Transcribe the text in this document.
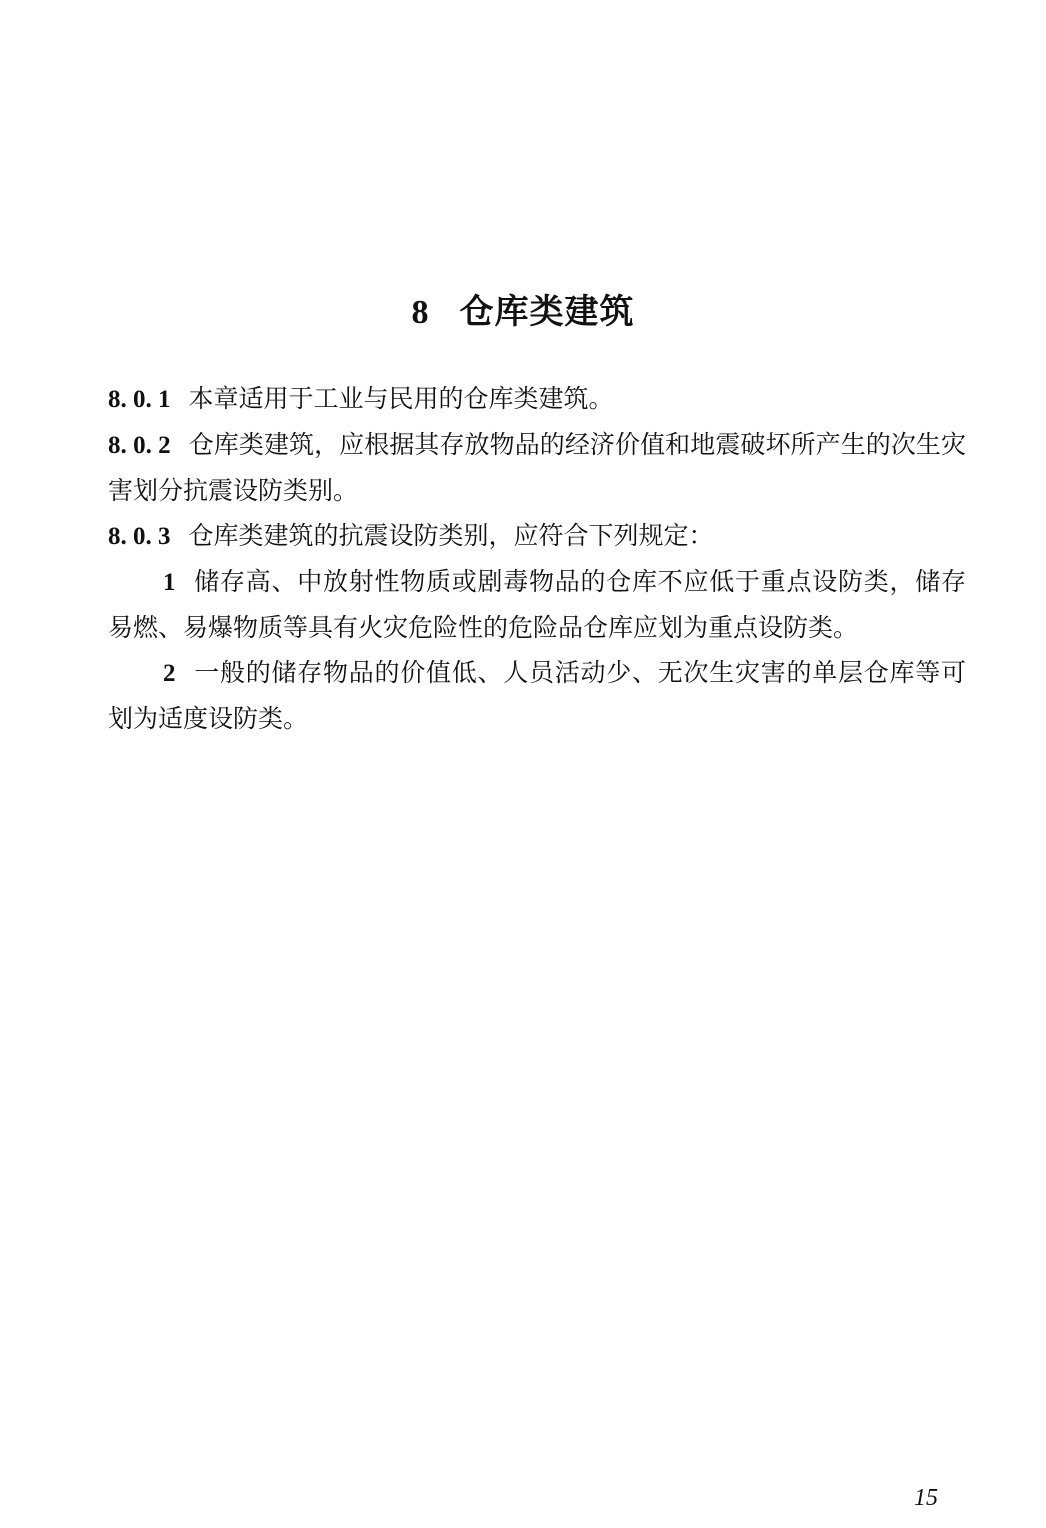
8 仓库类建筑

8. 0. 1 本章适用于工业与民用的仓库类建筑。

8. 0. 2 仓库类建筑，应根据其存放物品的经济价值和地震破坏所产生的次生灾害划分抗震设防类别。

8. 0. 3 仓库类建筑的抗震设防类别，应符合下列规定：

1 储存高、中放射性物质或剧毒物品的仓库不应低于重点设防类，储存易燃、易爆物质等具有火灾危险性的危险品仓库应划为重点设防类。

2 一般的储存物品的价值低、人员活动少、无次生灾害的单层仓库等可划为适度设防类。

15
